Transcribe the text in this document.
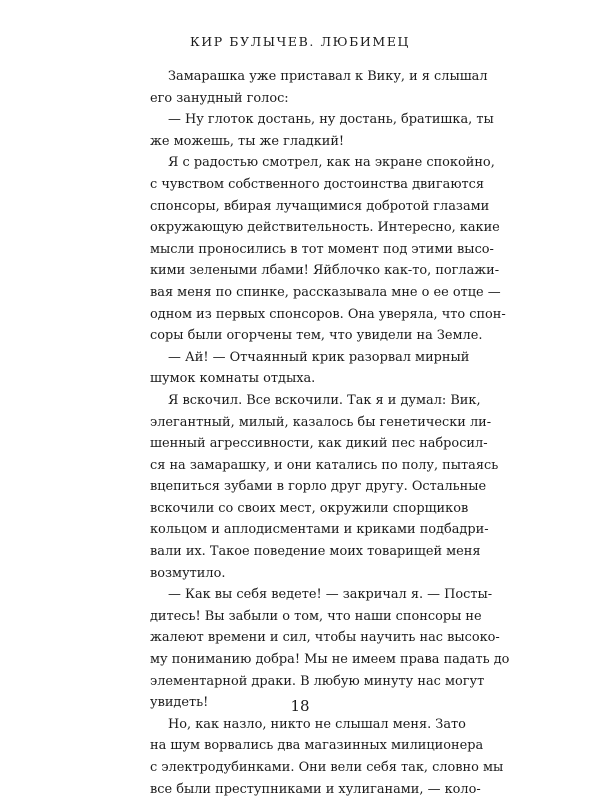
КИР БУЛЫЧЕВ. ЛЮБИМЕЦ
Замарашка уже приставал к Вику, и я слышал
его занудный голос:
— Ну глоток достань, ну достань, братишка, ты
же можешь, ты же гладкий!
Я с радостью смотрел, как на экране спокойно,
с чувством собственного достоинства двигаются
спонсоры, вбирая лучащимися добротой глазами
окружающую действительность. Интересно, какие
мысли проносились в тот момент под этими высо-
кими зелеными лбами! Яйблочко как-то, поглажи-
вая меня по спинке, рассказывала мне о ее отце —
одном из первых спонсоров. Она уверяла, что спон-
соры были огорчены тем, что увидели на Земле.
— Ай! — Отчаянный крик разорвал мирный
шумок комнаты отдыха.
Я вскочил. Все вскочили. Так я и думал: Вик,
элегантный, милый, казалось бы генетически ли-
шенный агрессивности, как дикий пес набросил-
ся на замарашку, и они катались по полу, пытаясь
вцепиться зубами в горло друг другу. Остальные
вскочили со своих мест, окружили спорщиков
кольцом и аплодисментами и криками подбадри-
вали их. Такое поведение моих товарищей меня
возмутило.
— Как вы себя ведете! — закричал я. — Посты-
дитесь! Вы забыли о том, что наши спонсоры не
жалеют времени и сил, чтобы научить нас высоко-
му пониманию добра! Мы не имеем права падать до
элементарной драки. В любую минуту нас могут
увидеть!
Но, как назло, никто не слышал меня. Зато
на шум ворвались два магазинных милиционера
с электродубинками. Они вели себя так, словно мы
все были преступниками и хулиганами, — коло-
18
